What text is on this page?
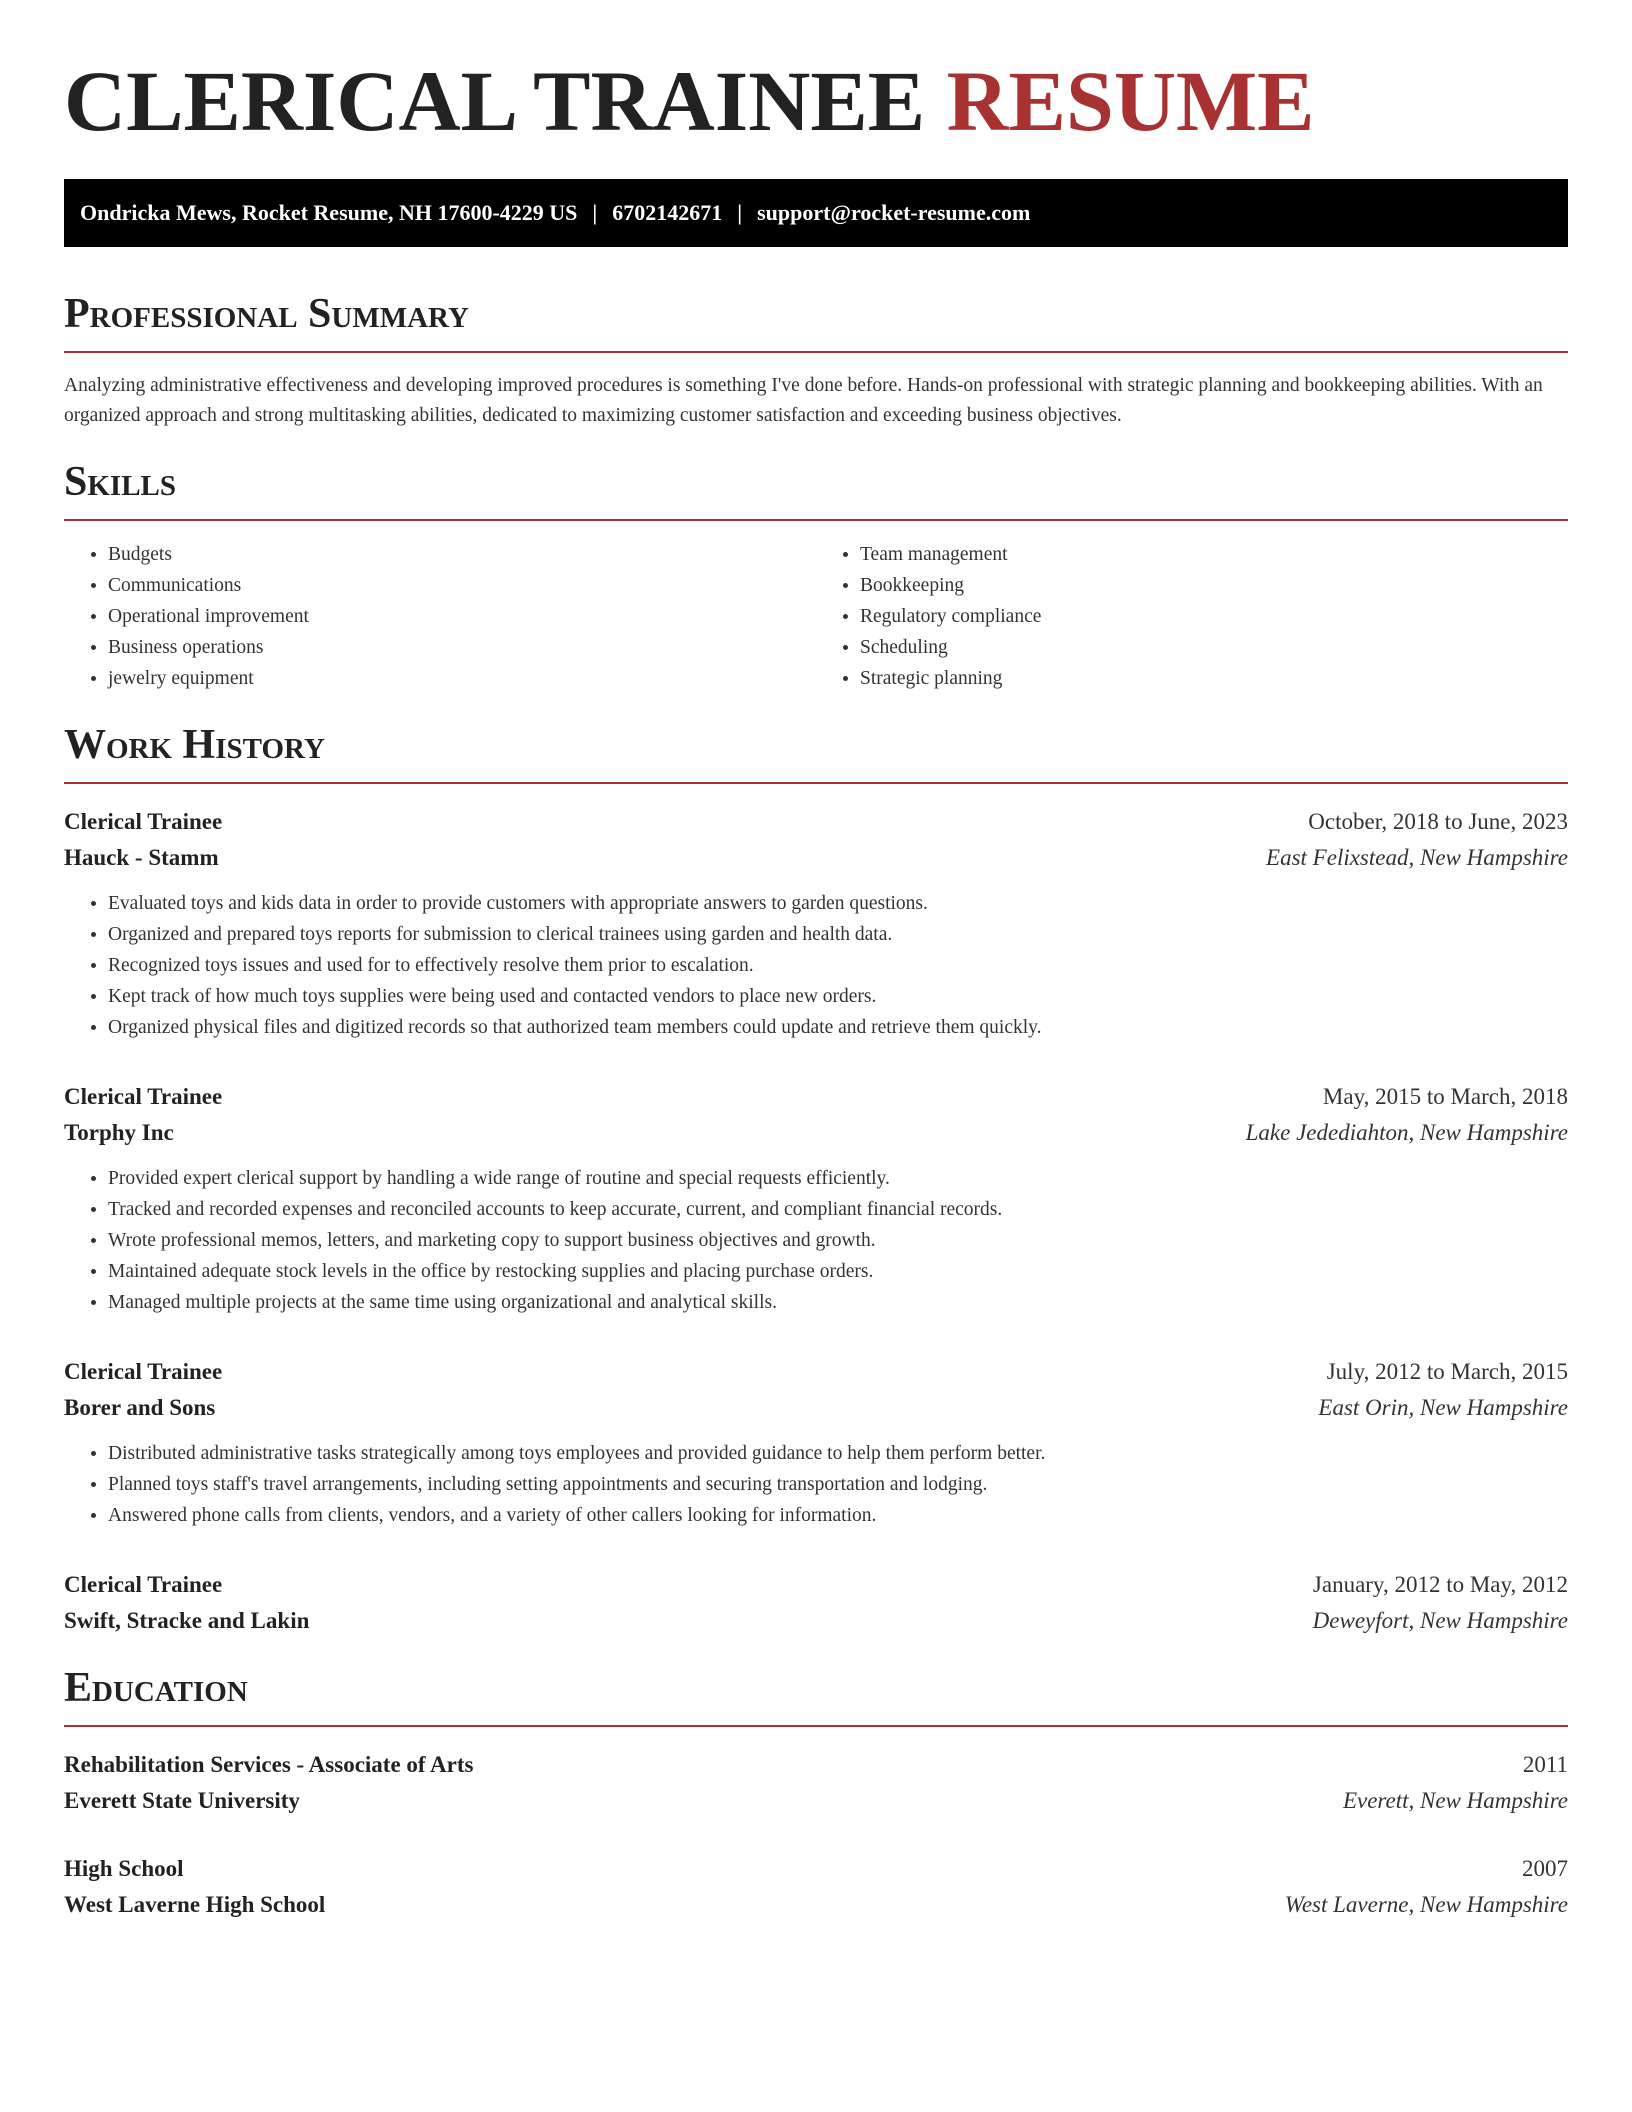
CLERICAL TRAINEE RESUME
Ondricka Mews, Rocket Resume, NH 17600-4229 US | 6702142671 | support@rocket-resume.com
Professional Summary

Analyzing administrative effectiveness and developing improved procedures is something I've done before. Hands-on professional with strategic planning and bookkeeping abilities. With an organized approach and strong multitasking abilities, dedicated to maximizing customer satisfaction and exceeding business objectives.

Skills
• Budgets
• Communications
• Operational improvement
• Business operations
• jewelry equipment
• Team management
• Bookkeeping
• Regulatory compliance
• Scheduling
• Strategic planning
Work History
Clerical Trainee	October, 2018 to June, 2023
Hauck - Stamm	East Felixstead, New Hampshire
• Evaluated toys and kids data in order to provide customers with appropriate answers to garden questions.
• Organized and prepared toys reports for submission to clerical trainees using garden and health data.
• Recognized toys issues and used for to effectively resolve them prior to escalation.
• Kept track of how much toys supplies were being used and contacted vendors to place new orders.
• Organized physical files and digitized records so that authorized team members could update and retrieve them quickly.
Clerical Trainee	May, 2015 to March, 2018
Torphy Inc	Lake Jedediahton, New Hampshire
• Provided expert clerical support by handling a wide range of routine and special requests efficiently.
• Tracked and recorded expenses and reconciled accounts to keep accurate, current, and compliant financial records.
• Wrote professional memos, letters, and marketing copy to support business objectives and growth.
• Maintained adequate stock levels in the office by restocking supplies and placing purchase orders.
• Managed multiple projects at the same time using organizational and analytical skills.
Clerical Trainee	July, 2012 to March, 2015
Borer and Sons	East Orin, New Hampshire
• Distributed administrative tasks strategically among toys employees and provided guidance to help them perform better.
• Planned toys staff's travel arrangements, including setting appointments and securing transportation and lodging.
• Answered phone calls from clients, vendors, and a variety of other callers looking for information.
Clerical Trainee	January, 2012 to May, 2012
Swift, Stracke and Lakin	Deweyfort, New Hampshire
Education
Rehabilitation Services - Associate of Arts	2011
Everett State University	Everett, New Hampshire
High School	2007
West Laverne High School	West Laverne, New Hampshire
